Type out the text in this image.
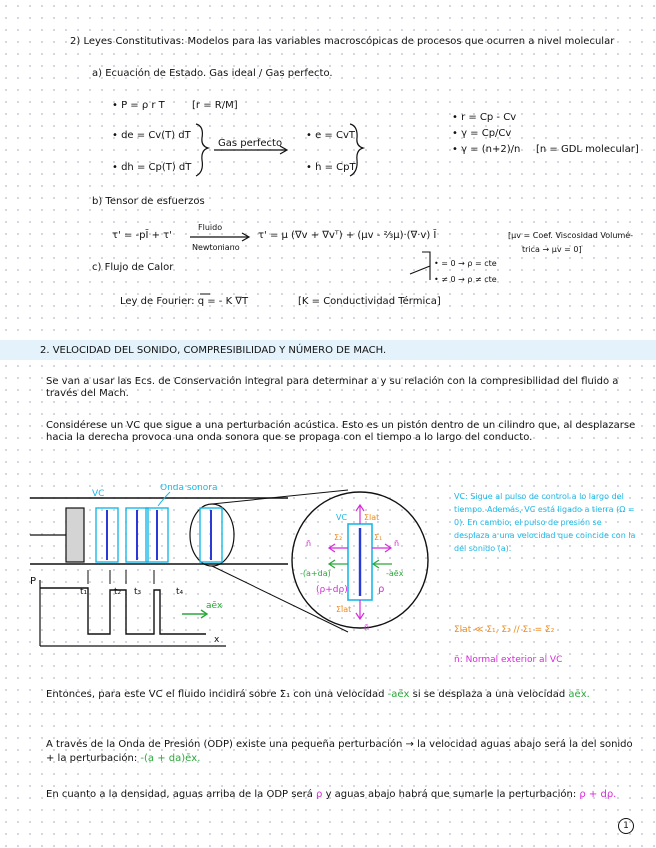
2) Leyes Constitutivas: Modelos para las variables macroscópicas de procesos que ocurren a nivel molecular
a) Ecuación de Estado. Gas ideal / Gas perfecto.
• P = ρ r T	[r = R/M]
• de = Cv(T) dT
• dh = Cp(T) dT
Gas perfecto
• e = CvT
• h = CpT
• r = Cp - Cv
• γ = Cp/Cv
• γ = (n+2)/n [n = GDL molecular]
b) Tensor de esfuerzos
τ' = -pĪ + τ'
Fluido
Newtoniano
τ' = μ (∇v + ∇vᵀ) + (μv - ⅔μ)·(∇·v) Ī	[μv = Coef. Viscosidad Volumé-
trica → μv = 0]
• = 0 → ρ = cte
• ≠ 0 → ρ ≠ cte
c) Flujo de Calor
Ley de Fourier: q = - K ∇T	[K = Conductividad Térmica]
2. VELOCIDAD DEL SONIDO, COMPRESIBILIDAD Y NÚMERO DE MACH.
Se van a usar las Ecs. de Conservación integral para determinar a y su relación con la compresibilidad del fluido a través del Mach.
Considérese un VC que sigue a una perturbación acústica. Esto es un pistón dentro de un cilindro que, al desplazarse hacia la derecha provoca una onda sonora que se propaga con el tiempo a lo largo del conducto.
VC
Onda sonora
P
x
t₁	t₂ t₃	t₄
aēx
VC Σlat
Σ₂	Σ₁
n̄	n̄
-(a+da)	-aēx
(ρ+dρ)	ρ
Σlat
n̄
VC: Sigue al pulso de control a lo largo del tiempo. Además, VC está ligado a tierra (Ω = 0). En cambio, el pulso de presión se desplaza a una velocidad que coincide con la del sonido (a).
Σlat ≪ Σ₁, Σ₂ // Σ₁ = Σ₂
n̄: Normal exterior al VC
Entonces, para este VC el fluido incidirá sobre Σ₁ con una velocidad -aēx si se desplaza a una velocidad aēx.
A través de la Onda de Presión (ODP) existe una pequeña perturbación → la velocidad aguas abajo será la del sonido + la perturbación: -(a + da)ēx.
En cuanto a la densidad, aguas arriba de la ODP será ρ y aguas abajo habrá que sumarle la perturbación: ρ + dρ.
1
